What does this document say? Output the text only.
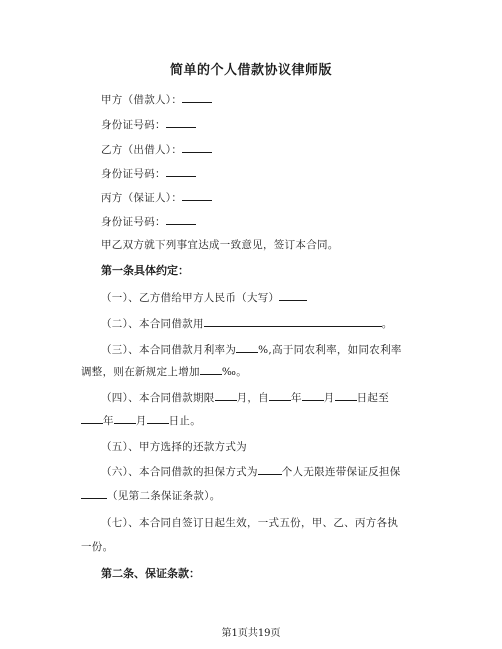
简单的个人借款协议律师版
甲方（借款人）：
身份证号码：
乙方（出借人）：
身份证号码：
丙方（保证人）：
身份证号码：
甲乙双方就下列事宜达成一致意见，签订本合同。
第一条具体约定：
（一）、乙方借给甲方人民币（大写）
（二）、本合同借款用	。
（三）、本合同借款月利率为 %,高于同农利率，如同农利率
调整，则在新规定上增加 ‰。
（四）、本合同借款期限 月，自 年 月 日起至
年 月 日止。
（五）、甲方选择的还款方式为
（六）、本合同借款的担保方式为 个人无限连带保证反担保
（见第二条保证条款）。
（七）、本合同自签订日起生效，一式五份，甲、乙、丙方各执
一份。
第二条、保证条款：
第1页共19页
